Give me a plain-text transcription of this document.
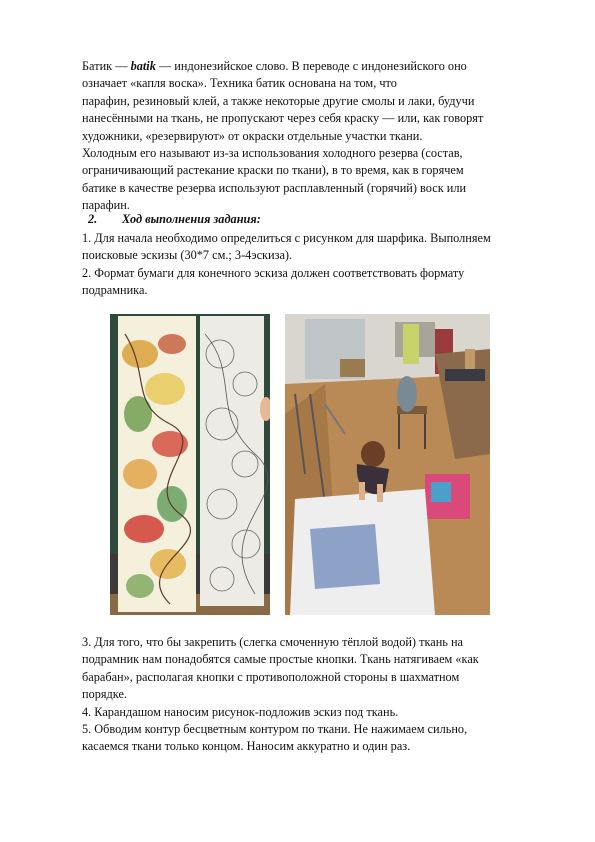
Батик — batik — индонезийское слово. В переводе с индонезийского оно
означает «капля воска». Техника батик основана на том, что
парафин, резиновый клей, а также некоторые другие смолы и лаки, будучи
нанесёнными на ткань, не пропускают через себя краску — или, как говорят
художники, «резервируют» от окраски отдельные участки ткани.
Холодным его называют из-за использования холодного резерва (состав,
ограничивающий растекание краски по ткани), в то время, как в горячем
батике в качестве резерва используют расплавленный (горячий) воск или
парафин.
2. Ход выполнения задания:
1. Для начала необходимо определиться с рисунком для шарфика. Выполняем
поисковые эскизы (30*7 см.; 3-4эскиза).
2. Формат бумаги для конечного эскиза должен соответствовать формату
подрамника.
3. Для того, что бы закрепить (слегка смоченную тёплой водой) ткань на
подрамник нам понадобятся самые простые кнопки. Ткань натягиваем «как
барабан», располагая кнопки с противоположной стороны в шахматном
порядке.
4. Карандашом наносим рисунок-подложив эскиз под ткань.
5. Обводим контур бесцветным контуром по ткани. Не нажимаем сильно,
касаемся ткани только концом. Наносим аккуратно и один раз.
